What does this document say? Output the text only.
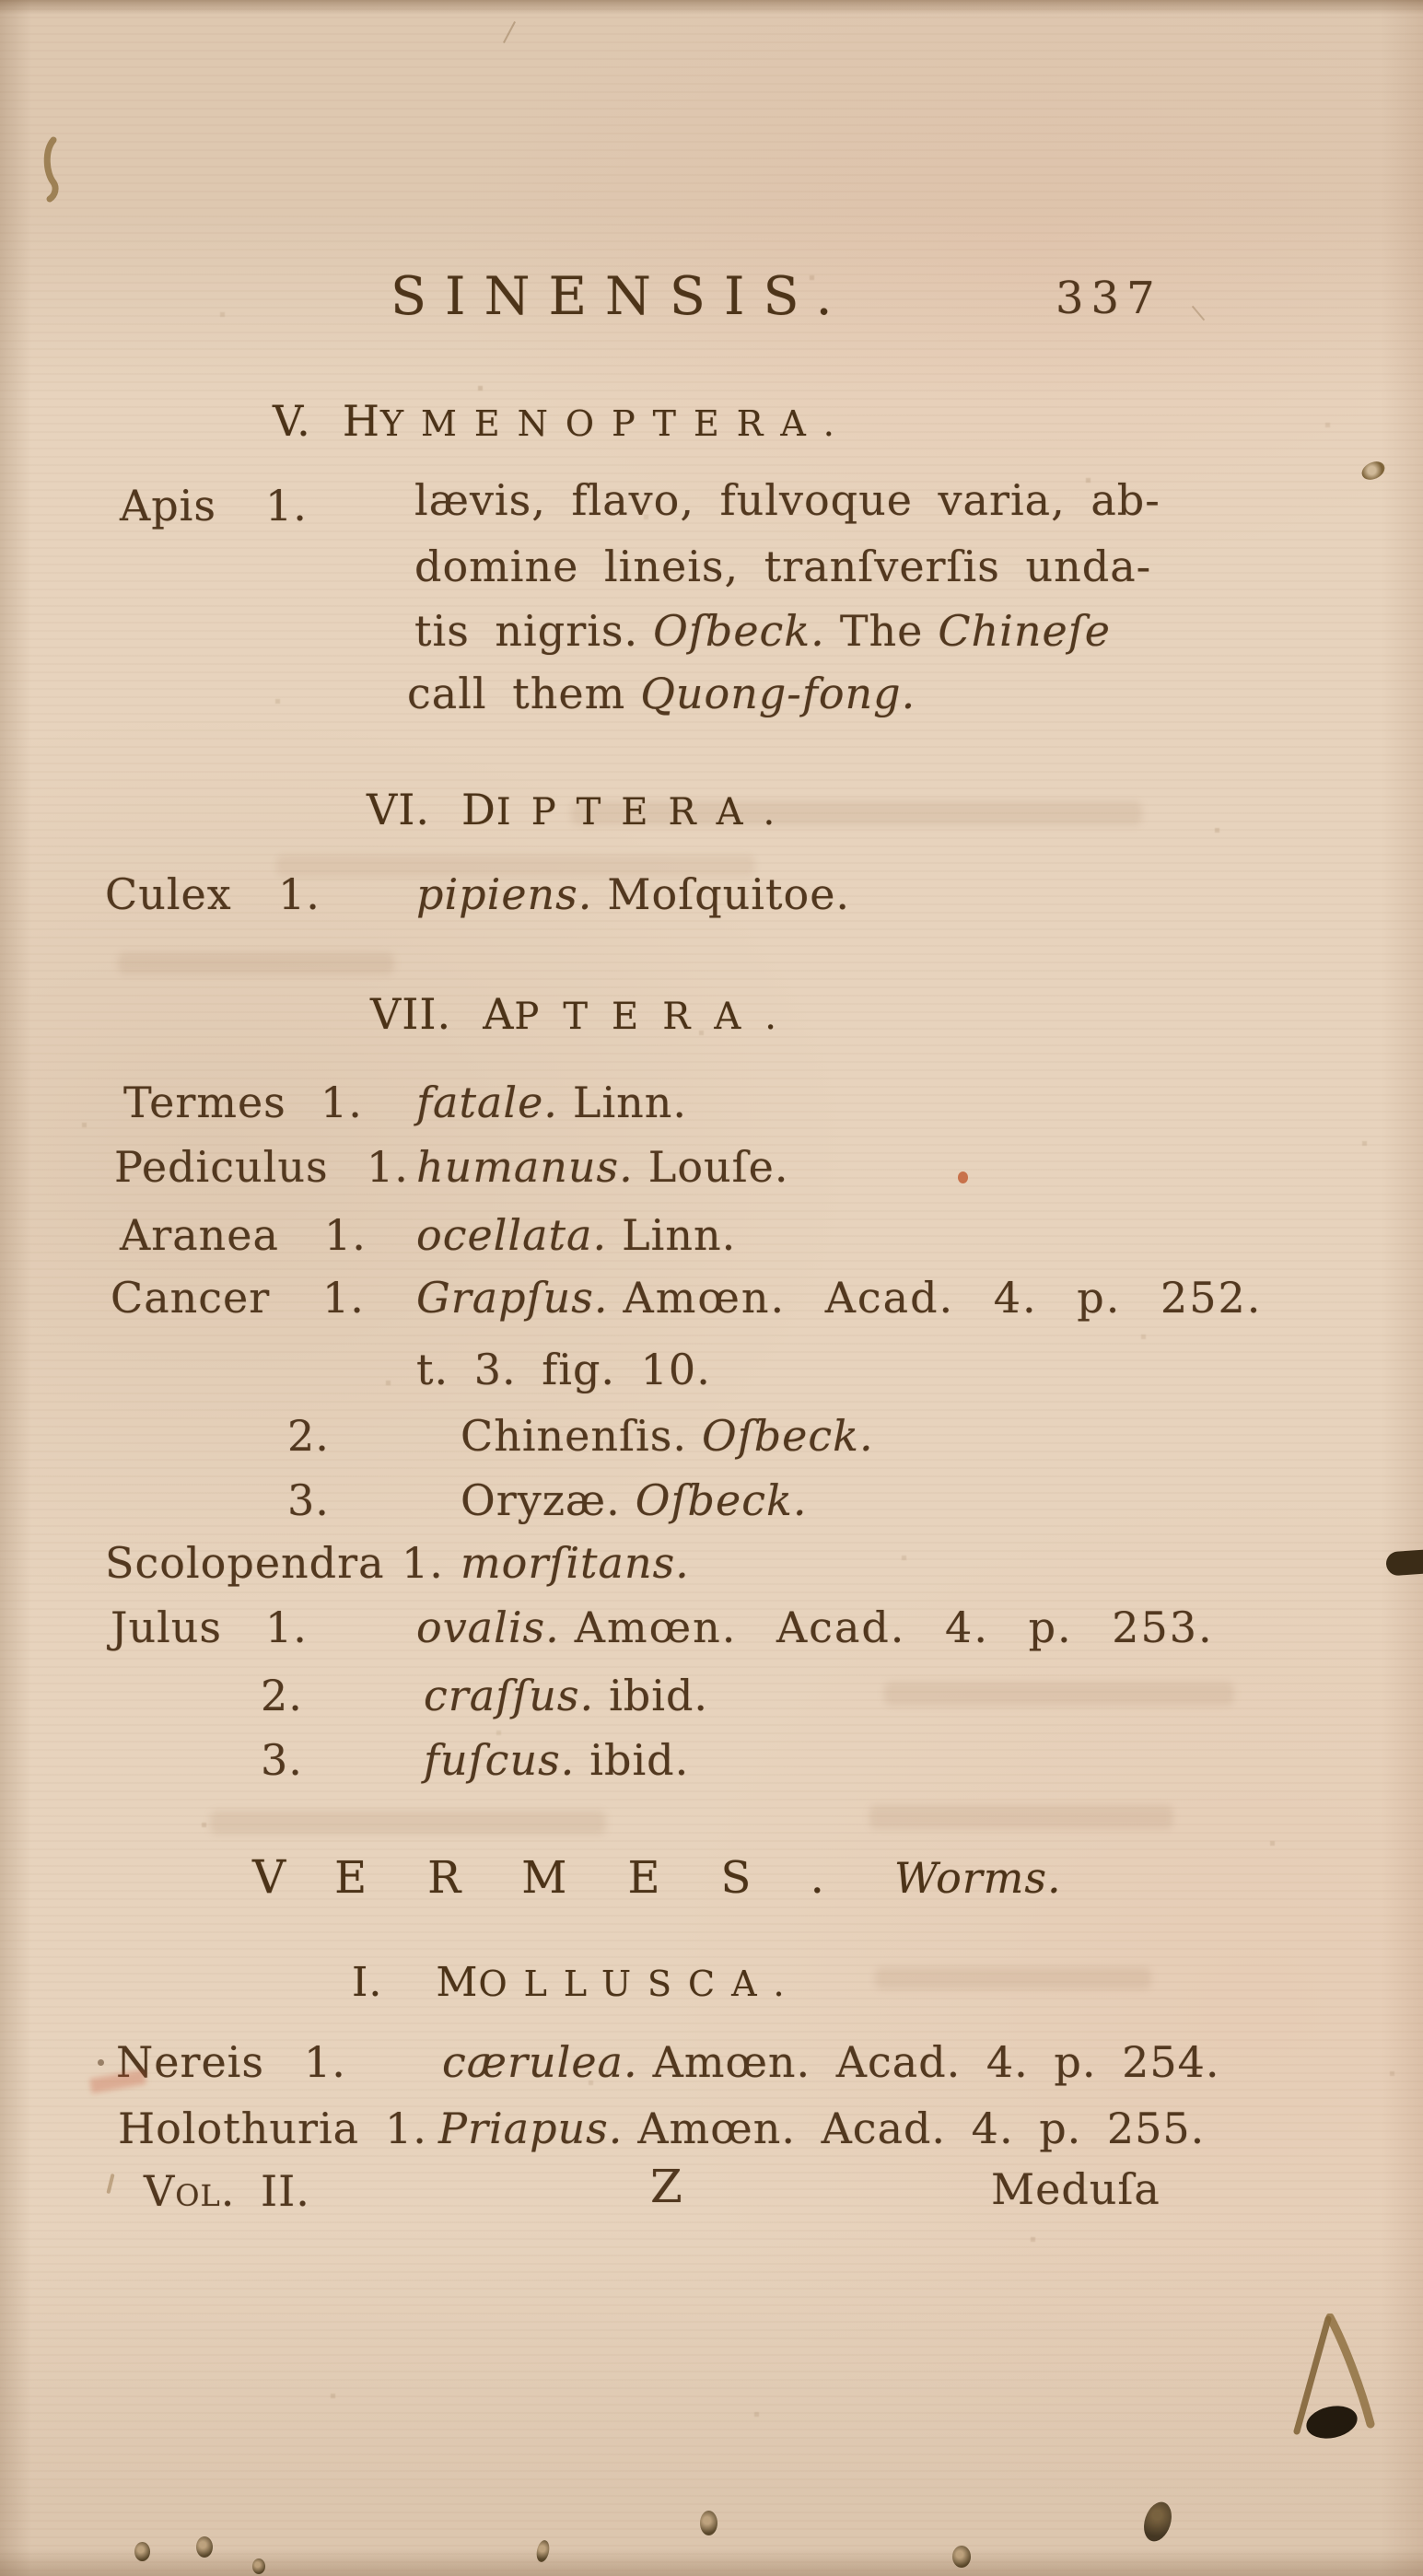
SINENSIS.	337
V. HYMENOPTERA.
Apis 1.	lævis, flavo, fulvoque varia, ab-
domine lineis, tranſverſis unda-
tis nigris. Oſbeck. The Chineſe
call them Quong-fong.
VI. DIPTERA.
Culex 1. pipiens. Moſquitoe.
VII. APTERA.
Termes 1. fatale. Linn.
Pediculus 1. humanus. Louſe.
Aranea 1. ocellata. Linn.
Cancer 1. Grapſus. Amœn. Acad. 4. p. 252.
t. 3. fig. 10.
2.	Chinenſis. Oſbeck.
3.	Oryzæ. Oſbeck.
Scolopendra 1. morſitans.
Julus 1.	ovalis. Amœn. Acad. 4. p. 253.
2.	craſſus. ibid.
3.	fuſcus. ibid.
V ERMES. Worms.
I. MOLLUSCA.
Nereis 1. cærulea. Amœn. Acad. 4. p. 254.
Holothuria 1. Priapus. Amœn. Acad. 4. p. 255.
Vol. II.	Z	Meduſa
